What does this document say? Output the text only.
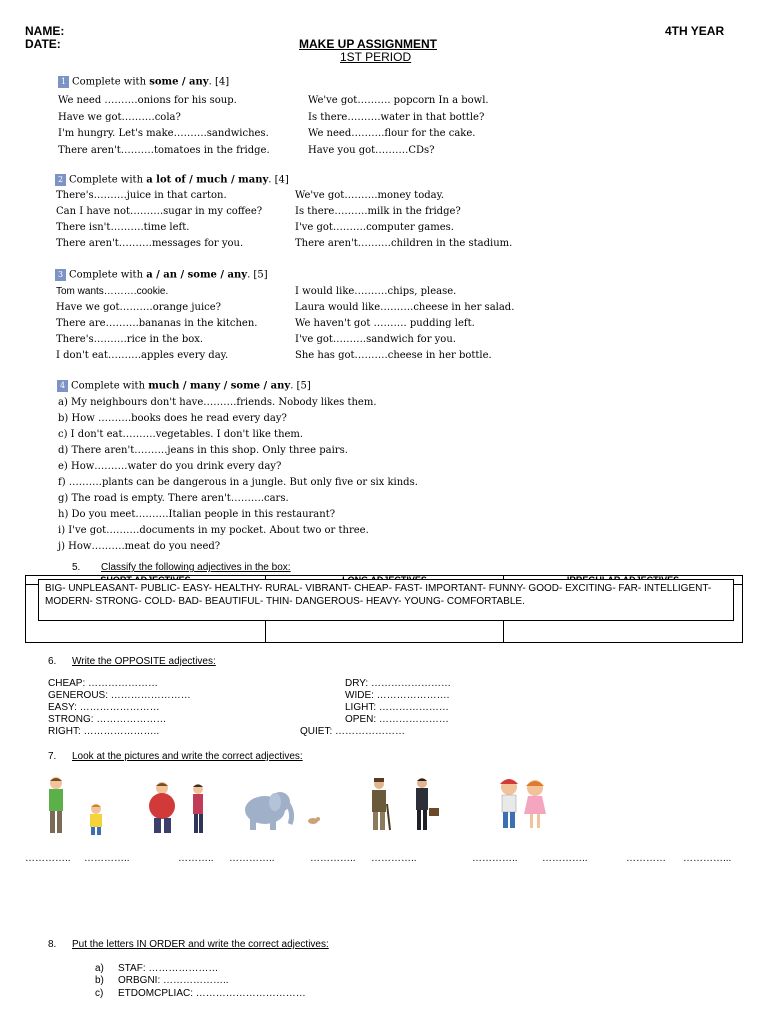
NAME:
DATE:
4TH YEAR
MAKE UP ASSIGNMENT
1ST PERIOD
1 Complete with some / any. [4]
We need ……….onions for his soup.
Have we got……….cola?
I'm hungry. Let's make……….sandwiches.
There aren't……….tomatoes in the fridge.
We've got………. popcorn In a bowl.
Is there……….water in that bottle?
We need……….flour for the cake.
Have you got……….CDs?
2 Complete with a lot of / much / many. [4]
There's……….juice in that carton.
Can I have not……….sugar in my coffee?
There isn't……….time left.
There aren't……….messages for you.
We've got……….money today.
Is there……….milk in the fridge?
I've got……….computer games.
There aren't……….children in the stadium.
3 Complete with a / an / some / any. [5]
Tom wants……….cookie.
Have we got……….orange juice?
There are……….bananas in the kitchen.
There's……….rice in the box.
I don't eat……….apples every day.
I would like……….chips, please.
Laura would like……….cheese in her salad.
We haven't got ………. pudding left.
I've got……….sandwich for you.
She has got……….cheese in her bottle.
4 Complete with much / many / some / any. [5]
a) My neighbours don't have……….friends. Nobody likes them.
b) How ……….books does he read every day?
c) I don't eat……….vegetables. I don't like them.
d) There aren't……….jeans in this shop. Only three pairs.
e) How……….water do you drink every day?
f) ……….plants can be dangerous in a jungle. But only five or six kinds.
g) The road is empty. There aren't……….cars.
h) Do you meet……….Italian people in this restaurant?
i) I've got……….documents in my pocket. About two or three.
j) How……….meat do you need?
5. Classify the following adjectives in the box:

BIG- UNPLEASANT- PUBLIC- EASY- HEALTHY- RURAL- VIBRANT- CHEAP- FAST- IMPORTANT- FUNNY- GOOD- EXCITING- FAR- INTELLIGENT- MODERN- STRONG- COLD- BAD- BEAUTIFUL- THIN- DANGEROUS- HEAVY- YOUNG- COMFORTABLE.
6. Write the OPPOSITE adjectives:
CHEAP: …………………
GENEROUS: ……………………
EASY: ……………………
STRONG: …………………
RIGHT: …………………..
DRY: ……………………
WIDE: ………………….
LIGHT: …………………
OPEN: …………………
QUIET: …………………
7. Look at the pictures and write the correct adjectives:
………….. …………..	……….. …………..	………….. …………..	………….. …………..	………… …………...
8. Put the letters IN ORDER and write the correct adjectives:
a) STAF: …………………
b) ORBGNI: ………………..
c) ETDOMCPLIAC: ……………………………
